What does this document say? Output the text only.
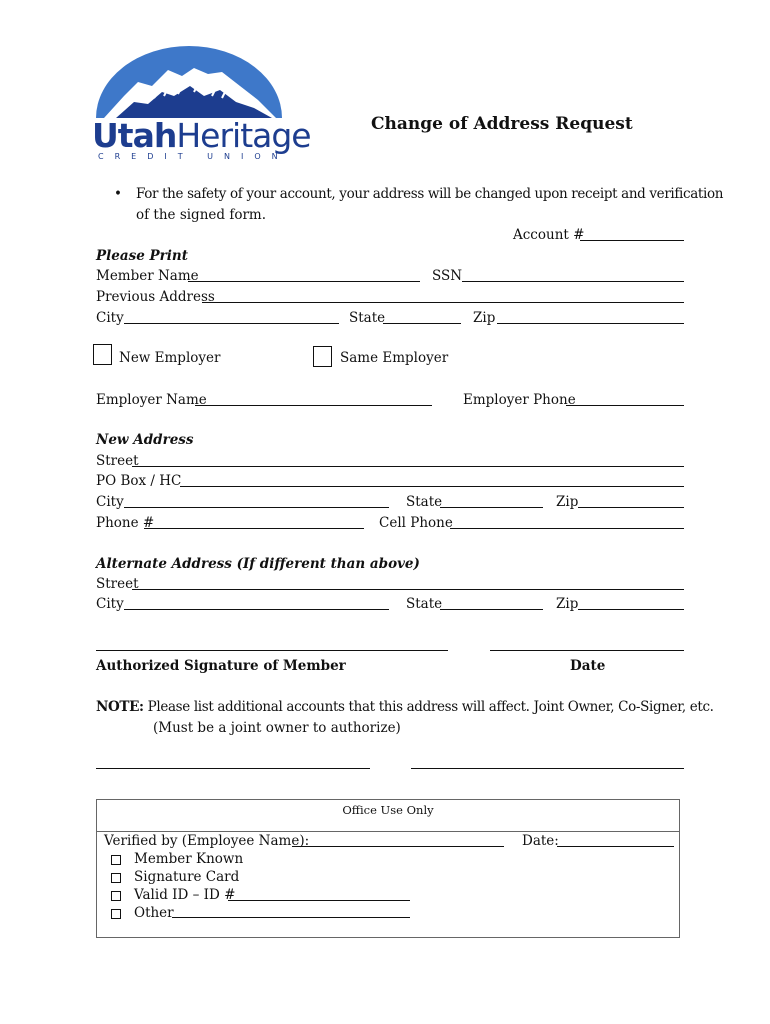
UtahHeritage
CREDIT UNION
Change of Address Request
• For the safety of your account, your address will be changed upon receipt and verification
of the signed form.
Account #
Please Print
Member Name	SSN
Previous Address
City	State	Zip
New Employer	Same Employer
Employer Name	Employer Phone
New Address
Street
PO Box / HC
City	State	Zip
Phone #	Cell Phone
Alternate Address (If different than above)
Street
City	State	Zip
Authorized Signature of Member	Date
NOTE: Please list additional accounts that this address will affect. Joint Owner, Co-Signer, etc.
(Must be a joint owner to authorize)
Office Use Only
Verified by (Employee Name):	Date:
Member Known
Signature Card
Valid ID – ID #
Other
